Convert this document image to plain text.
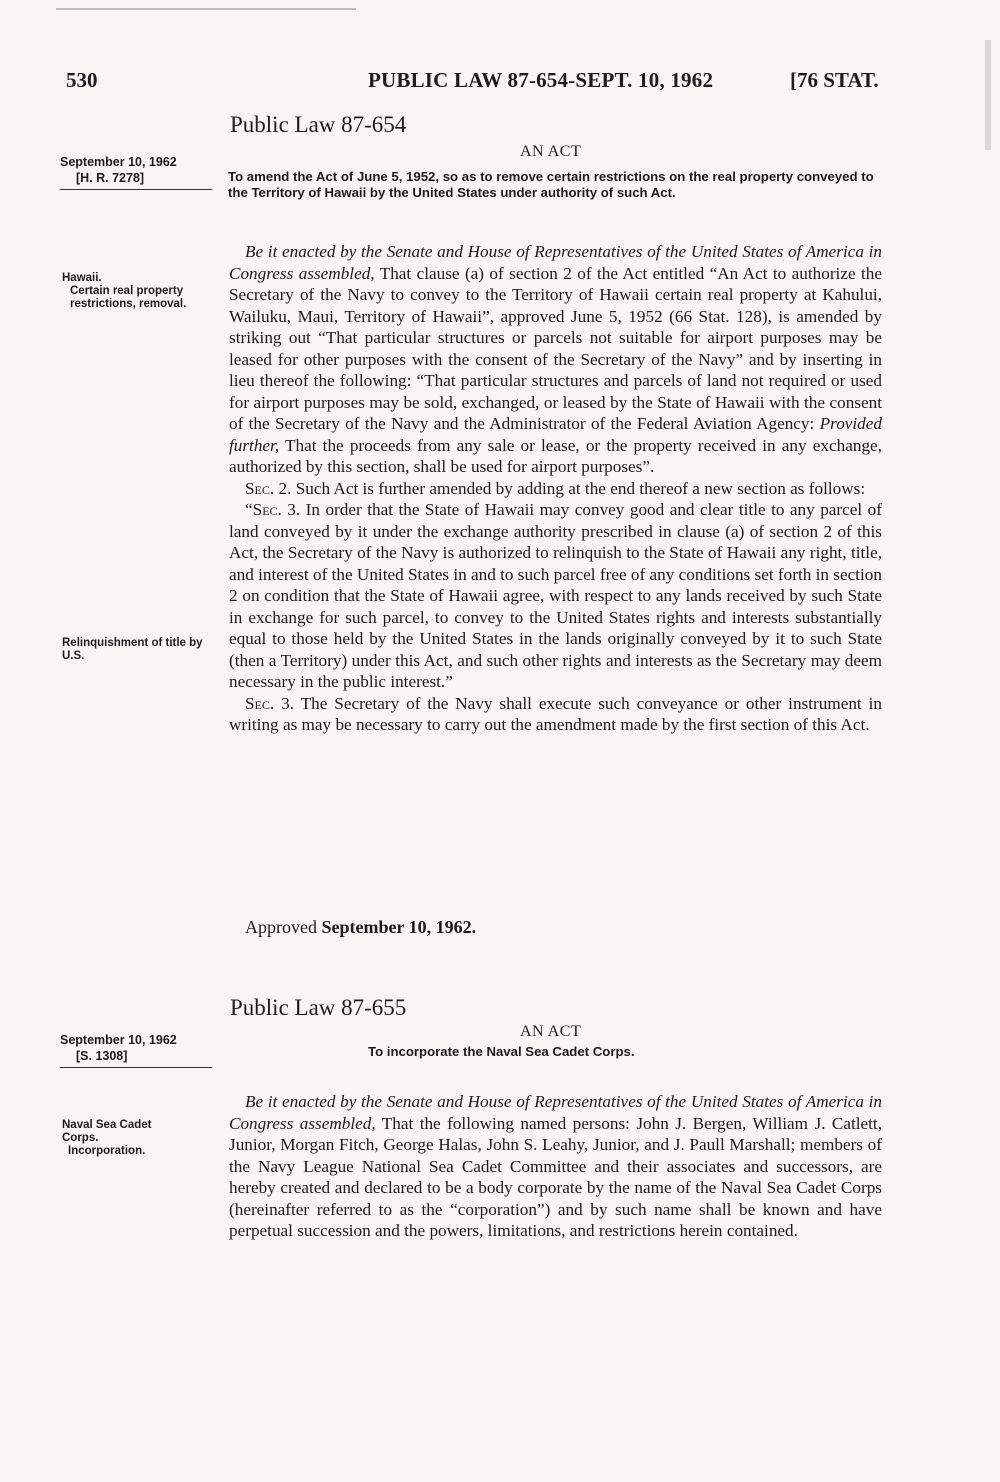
530	PUBLIC LAW 87-654-SEPT. 10, 1962	[76 STAT.
Public Law 87-654
September 10, 1962
[H. R. 7278]
AN ACT
To amend the Act of June 5, 1952, so as to remove certain restrictions on the real property conveyed to the Territory of Hawaii by the United States under authority of such Act.
Hawaii.
Certain real property restrictions, removal.
Relinquishment of title by U.S.

Be it enacted by the Senate and House of Representatives of the United States of America in Congress assembled, That clause (a) of section 2 of the Act entitled “An Act to authorize the Secretary of the Navy to convey to the Territory of Hawaii certain real property at Kahului, Wailuku, Maui, Territory of Hawaii”, approved June 5, 1952 (66 Stat. 128), is amended by striking out “That particular structures or parcels not suitable for airport purposes may be leased for other purposes with the consent of the Secretary of the Navy” and by inserting in lieu thereof the following: “That particular structures and parcels of land not required or used for airport purposes may be sold, exchanged, or leased by the State of Hawaii with the consent of the Secretary of the Navy and the Administrator of the Federal Aviation Agency: Provided further, That the proceeds from any sale or lease, or the property received in any exchange, authorized by this section, shall be used for airport purposes”.

Sec. 2. Such Act is further amended by adding at the end thereof a new section as follows:

“Sec. 3. In order that the State of Hawaii may convey good and clear title to any parcel of land conveyed by it under the exchange authority prescribed in clause (a) of section 2 of this Act, the Secretary of the Navy is authorized to relinquish to the State of Hawaii any right, title, and interest of the United States in and to such parcel free of any conditions set forth in section 2 on condition that the State of Hawaii agree, with respect to any lands received by such State in exchange for such parcel, to convey to the United States rights and interests substantially equal to those held by the United States in the lands originally conveyed by it to such State (then a Territory) under this Act, and such other rights and interests as the Secretary may deem necessary in the public interest.”

Sec. 3. The Secretary of the Navy shall execute such conveyance or other instrument in writing as may be necessary to carry out the amendment made by the first section of this Act.

Approved September 10, 1962.
Public Law 87-655
September 10, 1962
[S. 1308]
AN ACT
To incorporate the Naval Sea Cadet Corps.
Naval Sea Cadet
Corps.
Incorporation.

Be it enacted by the Senate and House of Representatives of the United States of America in Congress assembled, That the following named persons: John J. Bergen, William J. Catlett, Junior, Morgan Fitch, George Halas, John S. Leahy, Junior, and J. Paull Marshall; members of the Navy League National Sea Cadet Committee and their associates and successors, are hereby created and declared to be a body corporate by the name of the Naval Sea Cadet Corps (hereinafter referred to as the “corporation”) and by such name shall be known and have perpetual succession and the powers, limitations, and restrictions herein contained.
